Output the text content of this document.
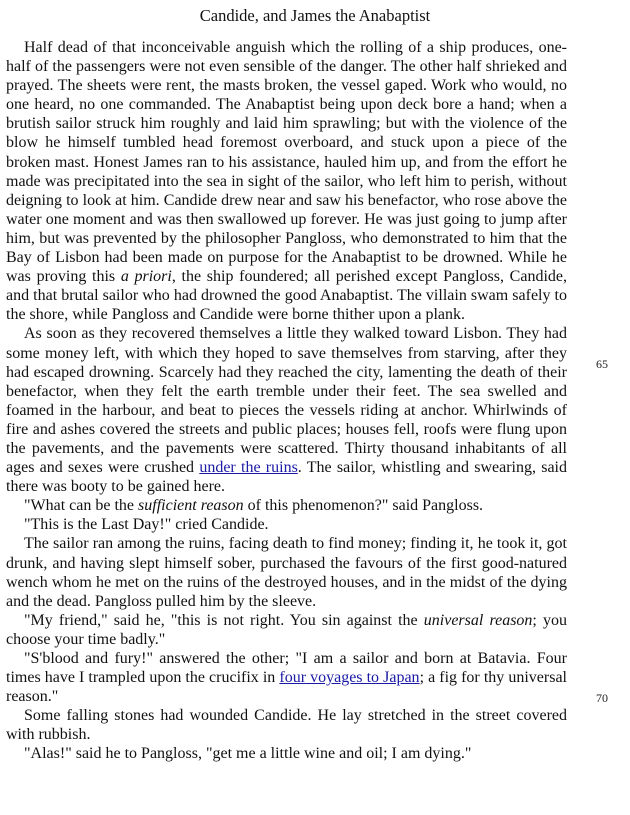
Candide, and James the Anabaptist

Half dead of that inconceivable anguish which the rolling of a ship produces, one-half of the passengers were not even sensible of the danger. The other half shrieked and prayed. The sheets were rent, the masts broken, the vessel gaped. Work who would, no one heard, no one commanded. The Anabaptist being upon deck bore a hand; when a brutish sailor struck him roughly and laid him sprawling; but with the violence of the blow he himself tumbled head foremost overboard, and stuck upon a piece of the broken mast. Honest James ran to his assistance, hauled him up, and from the effort he made was precipitated into the sea in sight of the sailor, who left him to perish, without deigning to look at him. Candide drew near and saw his benefactor, who rose above the water one moment and was then swallowed up forever. He was just going to jump after him, but was prevented by the philosopher Pangloss, who demonstrated to him that the Bay of Lisbon had been made on purpose for the Anabaptist to be drowned. While he was proving this a priori, the ship foundered; all perished except Pangloss, Candide, and that brutal sailor who had drowned the good Anabaptist. The villain swam safely to the shore, while Pangloss and Candide were borne thither upon a plank.

As soon as they recovered themselves a little they walked toward Lisbon. They had some money left, with which they hoped to save themselves from starving, after they had escaped drowning. Scarcely had they reached the city, lamenting the death of their benefactor, when they felt the earth tremble under their feet. The sea swelled and foamed in the harbour, and beat to pieces the vessels riding at anchor. Whirlwinds of fire and ashes covered the streets and public places; houses fell, roofs were flung upon the pavements, and the pavements were scattered. Thirty thousand inhabitants of all ages and sexes were crushed under the ruins. The sailor, whistling and swearing, said there was booty to be gained here.

"What can be the sufficient reason of this phenomenon?" said Pangloss.

"This is the Last Day!" cried Candide.

The sailor ran among the ruins, facing death to find money; finding it, he took it, got drunk, and having slept himself sober, purchased the favours of the first good-natured wench whom he met on the ruins of the destroyed houses, and in the midst of the dying and the dead. Pangloss pulled him by the sleeve.

"My friend," said he, "this is not right. You sin against the universal reason; you choose your time badly."

"S'blood and fury!" answered the other; "I am a sailor and born at Batavia. Four times have I trampled upon the crucifix in four voyages to Japan; a fig for thy universal reason."

Some falling stones had wounded Candide. He lay stretched in the street covered with rubbish.

"Alas!" said he to Pangloss, "get me a little wine and oil; I am dying."

65
70
